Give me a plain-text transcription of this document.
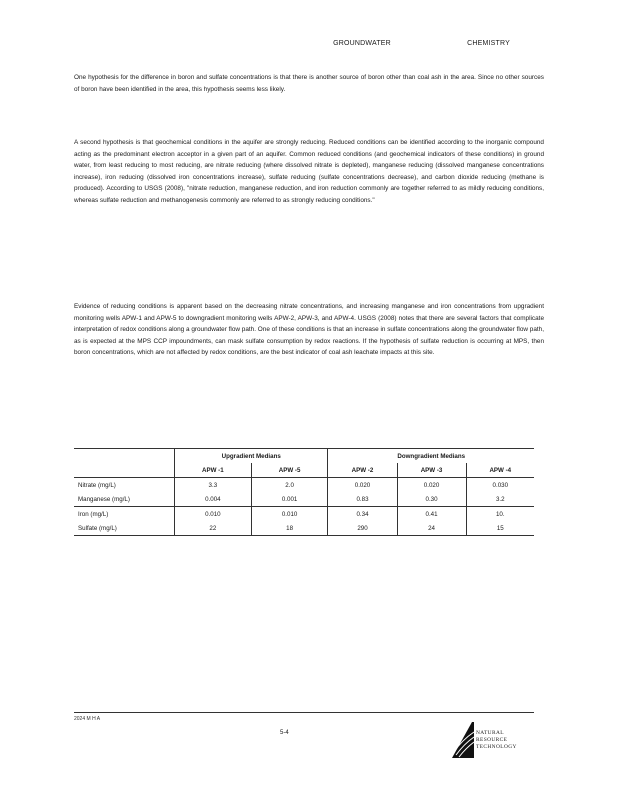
GROUNDWATER	CHEMISTRY

One hypothesis for the difference in boron and sulfate concentrations is that there is another source of boron other than coal ash in the area. Since no other sources of boron have been identified in the area, this hypothesis seems less likely.

A second hypothesis is that geochemical conditions in the aquifer are strongly reducing. Reduced conditions can be identified according to the inorganic compound acting as the predominant electron acceptor in a given part of an aquifer. Common reduced conditions (and geochemical indicators of these conditions) in ground water, from least reducing to most reducing, are nitrate reducing (where dissolved nitrate is depleted), manganese reducing (dissolved manganese concentrations increase), iron reducing (dissolved iron concentrations increase), sulfate reducing (sulfate concentrations decrease), and carbon dioxide reducing (methane is produced). According to USGS (2008), "nitrate reduction, manganese reduction, and iron reduction commonly are together referred to as mildly reducing conditions, whereas sulfate reduction and methanogenesis commonly are referred to as strongly reducing conditions."

Evidence of reducing conditions is apparent based on the decreasing nitrate concentrations, and increasing manganese and iron concentrations from upgradient monitoring wells APW-1 and APW-5 to downgradient monitoring wells APW-2, APW-3, and APW-4. USGS (2008) notes that there are several factors that complicate interpretation of redox conditions along a groundwater flow path. One of these conditions is that an increase in sulfate concentrations along the groundwater flow path, as is expected at the MPS CCP impoundments, can mask sulfate consumption by redox reactions. If the hypothesis of sulfate reduction is occurring at MPS, then boron concentrations, which are not affected by redox conditions, are the best indicator of coal ash leachate impacts at this site.

	Upgradient Medians		Downgradient Medians		
	APW -1	APW -5	APW -2	APW -3	APW -4
Nitrate (mg/L)	3.3	2.0	0.020	0.020	0.030
Manganese (mg/L)	0.004	0.001	0.83	0.30	3.2
Iron (mg/L)	0.010	0.010	0.34	0.41	10.
Sulfate (mg/L)	22	18	290	24	15
2024 M H A
5-4	NATURAL
RESOURCE
TECHNOLOGY
